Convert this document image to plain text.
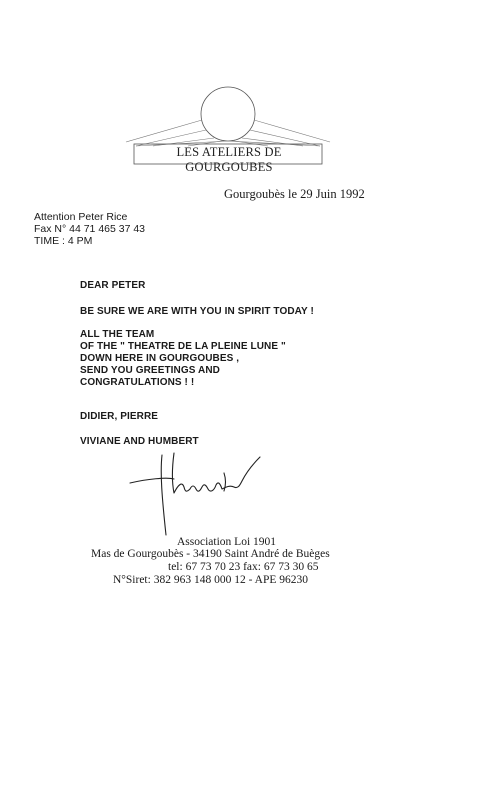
LES ATELIERS DE GOURGOUBES
Gourgoubès le 29 Juin 1992
Attention Peter Rice
Fax N° 44 71 465 37 43
TIME : 4 PM
DEAR PETER
BE SURE WE ARE WITH YOU IN SPIRIT TODAY !
ALL THE TEAM
OF THE " THEATRE DE LA PLEINE LUNE "
DOWN HERE IN GOURGOUBES ,
SEND YOU GREETINGS AND
CONGRATULATIONS ! !
DIDIER, PIERRE
VIVIANE AND HUMBERT
Association Loi 1901
Mas de Gourgoubès - 34190 Saint André de Buèges
tel: 67 73 70 23 fax: 67 73 30 65
N°Siret: 382 963 148 000 12 - APE 96230
